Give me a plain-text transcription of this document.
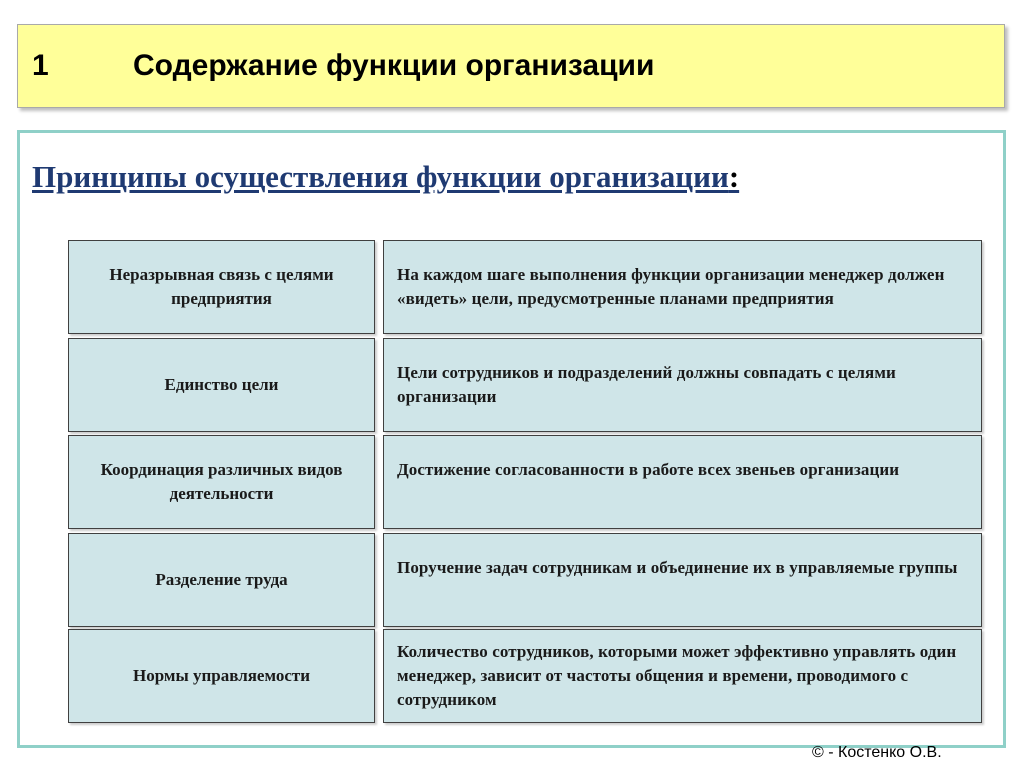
1	Содержание функции организации
Принципы осуществления функции организации:
Неразрывная связь с целями предприятия
На каждом шаге выполнения функции организации менеджер должен «видеть» цели, предусмотренные планами предприятия
Единство цели
Цели сотрудников и подразделений должны совпадать с целями организации
Координация различных видов деятельности
Достижение согласованности в работе всех звеньев организации
Разделение труда
Поручение задач сотрудникам и объединение их в управляемые группы
Нормы управляемости
Количество сотрудников, которыми может эффективно управлять один менеджер, зависит от частоты общения и времени, проводимого с сотрудником
© - Костенко О.В.
